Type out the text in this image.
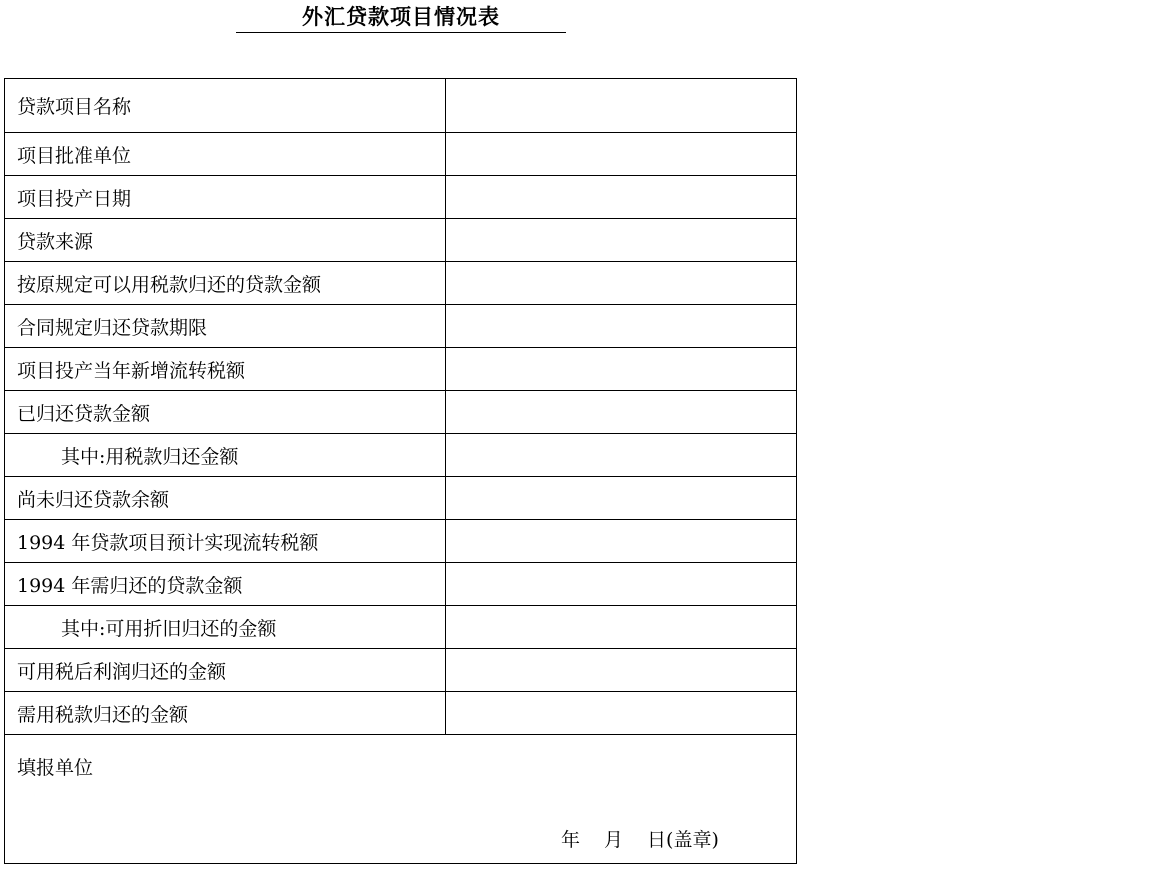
外汇贷款项目情况表
贷款项目名称	
项目批准单位	
项目投产日期	
贷款来源	
按原规定可以用税款归还的贷款金额	
合同规定归还贷款期限	
项目投产当年新增流转税额	
已归还贷款金额	
其中:用税款归还金额	
尚未归还贷款余额	
1994 年贷款项目预计实现流转税额	
1994 年需归还的贷款金额	
其中:可用折旧归还的金额	
可用税后利润归还的金额	
需用税款归还的金额	

填报单位
年 月 日(盖章)	
